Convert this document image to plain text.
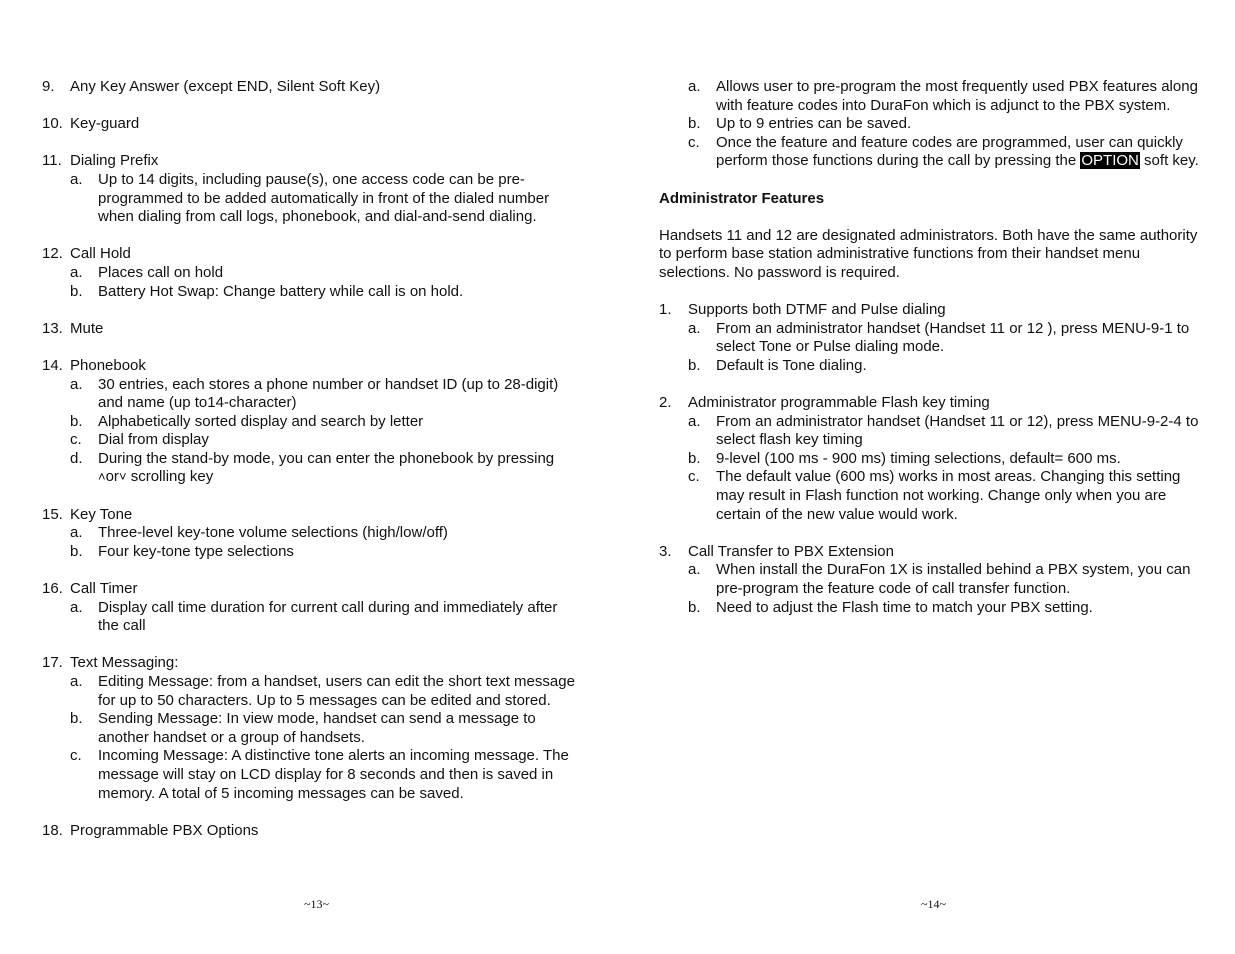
9.	Any Key Answer (except END, Silent Soft Key)
10. Key-guard
11. Dialing Prefix
a.	Up to 14 digits, including pause(s), one access code can be pre-programmed to be added automatically in front of the dialed number when dialing from call logs, phonebook, and dial-and-send dialing.
12. Call Hold
a.	Places call on hold
b.	Battery Hot Swap: Change battery while call is on hold.
13. Mute
14. Phonebook
a.	30 entries, each stores a phone number or handset ID (up to 28-digit) and name (up to14-character)
b.	Alphabetically sorted display and search by letter
c.	Dial from display
d.	During the stand-by mode, you can enter the phonebook by pressing
˄or˅ scrolling key
15. Key Tone
a.	Three-level key-tone volume selections (high/low/off)
b.	Four key-tone type selections
16. Call Timer
a.	Display call time duration for current call during and immediately after the call
17. Text Messaging:
a.	Editing Message: from a handset, users can edit the short text message for up to 50 characters. Up to 5 messages can be edited and stored.
b.	Sending Message: In view mode, handset can send a message to another handset or a group of handsets.
c.	Incoming Message: A distinctive tone alerts an incoming message. The message will stay on LCD display for 8 seconds and then is saved in memory. A total of 5 incoming messages can be saved.
18. Programmable PBX Options
a.	Allows user to pre-program the most frequently used PBX features along with feature codes into DuraFon which is adjunct to the PBX system.
b.	Up to 9 entries can be saved.
c.	Once the feature and feature codes are programmed, user can quickly perform those functions during the call by pressing the OPTION soft key.
Administrator Features
Handsets 11 and 12 are designated administrators. Both have the same authority to perform base station administrative functions from their handset menu selections. No password is required.
1.	Supports both DTMF and Pulse dialing
a.	From an administrator handset (Handset 11 or 12 ), press MENU-9-1 to select Tone or Pulse dialing mode.
b.	Default is Tone dialing.
2.	Administrator programmable Flash key timing
a.	From an administrator handset (Handset 11 or 12), press MENU-9-2-4 to select flash key timing
b.	9-level (100 ms - 900 ms) timing selections, default= 600 ms.
c.	The default value (600 ms) works in most areas. Changing this setting may result in Flash function not working. Change only when you are certain of the new value would work.
3.	Call Transfer to PBX Extension
a.	When install the DuraFon 1X is installed behind a PBX system, you can pre-program the feature code of call transfer function.
b.	Need to adjust the Flash time to match your PBX setting.
~13~	~14~
